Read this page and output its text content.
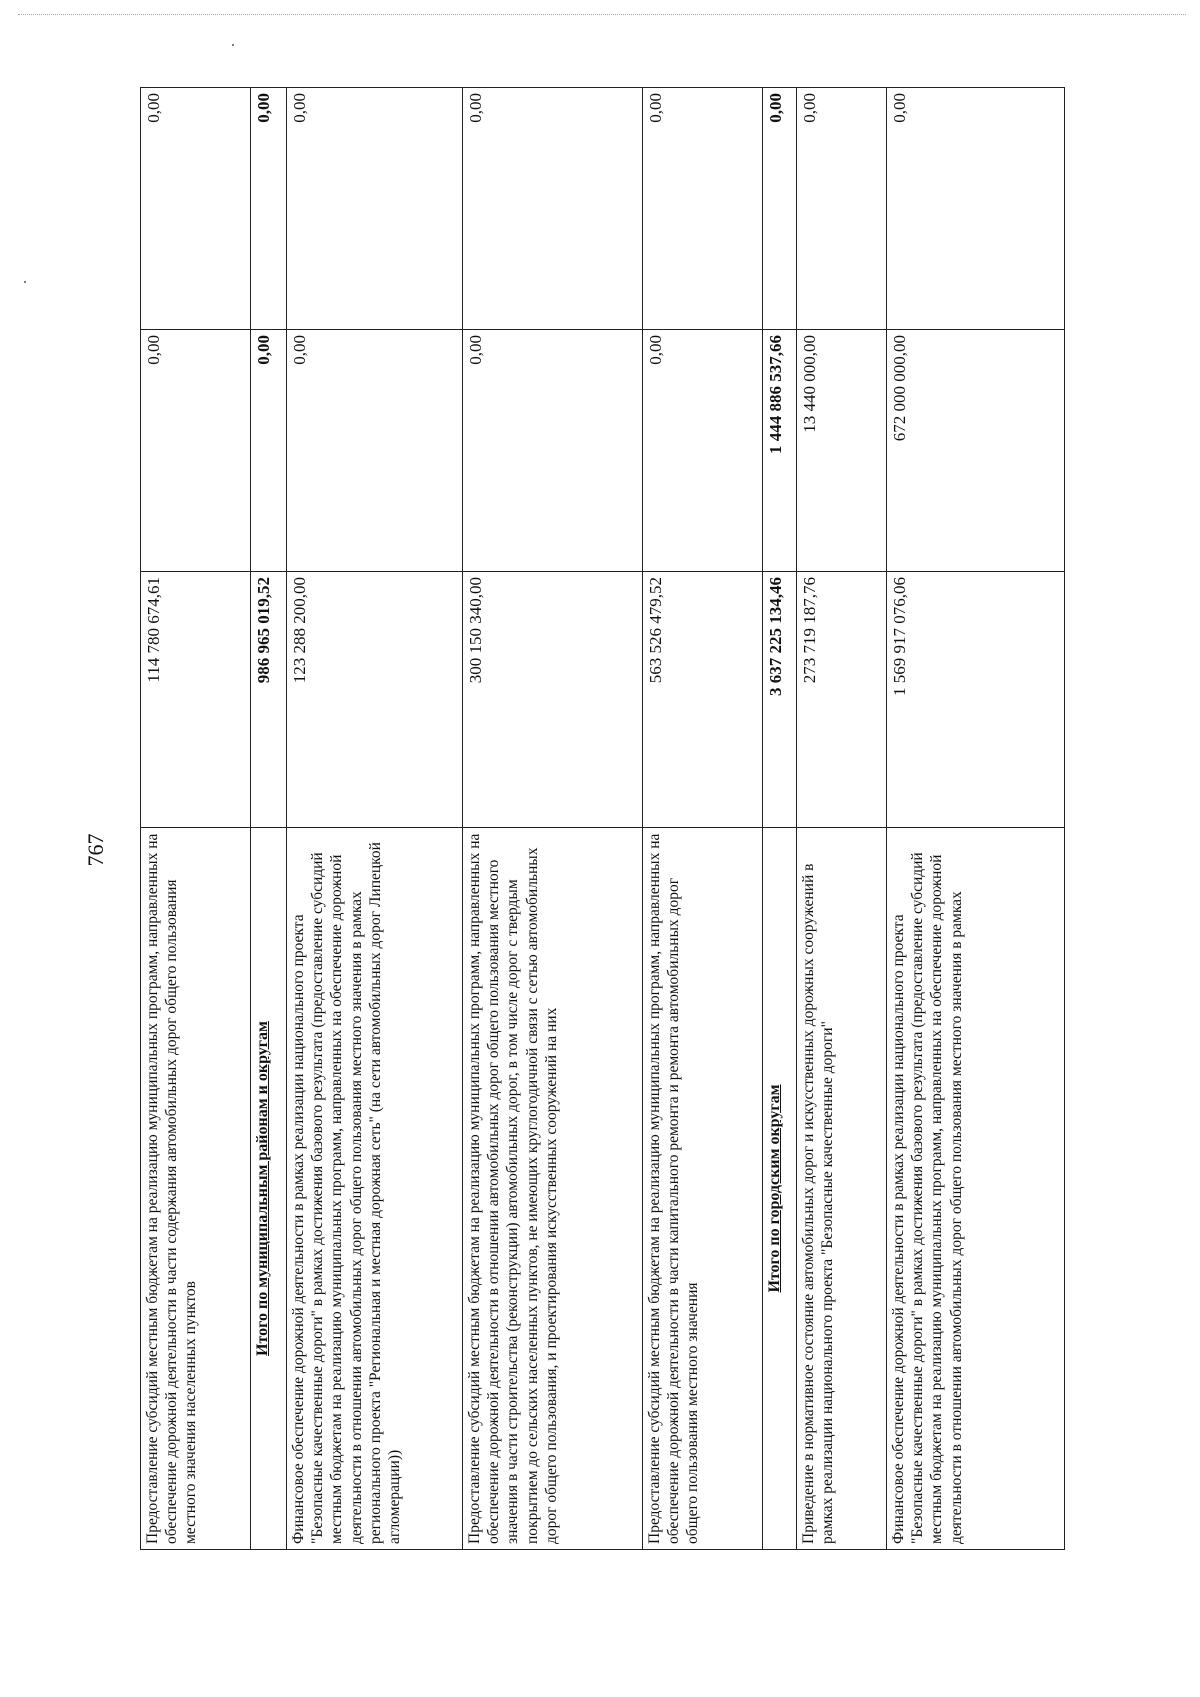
767 Предоставление субсидий местным бюджетам на реализацию муниципальных программ, направленных на обеспечение дорожной деятельности в части содержания автомобильных дорог общего пользования местного значения населенных пунктов	114 780 674,61	0,00	0,00
Итого по муниципальным районам и округам	986 965 019,52	0,00	0,00
Финансовое обеспечение дорожной деятельности в рамках реализации национального проекта "Безопасные качественные дороги" в рамках достижения базового результата (предоставление субсидий местным бюджетам на реализацию муниципальных программ, направленных на обеспечение дорожной деятельности в отношении автомобильных дорог общего пользования местного значения в рамках регионального проекта "Региональная и местная дорожная сеть" (на сети автомобильных дорог Липецкой агломерации))	123 288 200,00	0,00	0,00
Предоставление субсидий местным бюджетам на реализацию муниципальных программ, направленных на обеспечение дорожной деятельности в отношении автомобильных дорог общего пользования местного значения в части строительства (реконструкции) автомобильных дорог, в том числе дорог с твердым покрытием до сельских населенных пунктов, не имеющих круглогодичной связи с сетью автомобильных дорог общего пользования, и проектирования искусственных сооружений на них	300 150 340,00	0,00	0,00
Предоставление субсидий местным бюджетам на реализацию муниципальных программ, направленных на обеспечение дорожной деятельности в части капитального ремонта и ремонта автомобильных дорог общего пользования местного значения	563 526 479,52	0,00	0,00
Итого по городским округам	3 637 225 134,46	1 444 886 537,66	0,00
Приведение в нормативное состояние автомобильных дорог и искусственных дорожных сооружений в рамках реализации национального проекта "Безопасные качественные дороги"	273 719 187,76	13 440 000,00	0,00
Финансовое обеспечение дорожной деятельности в рамках реализации национального проекта "Безопасные качественные дороги" в рамках достижения базового результата (предоставление субсидий местным бюджетам на реализацию муниципальных программ, направленных на обеспечение дорожной деятельности в отношении автомобильных дорог общего пользования местного значения в рамках	1 569 917 076,06	672 000 000,00	0,00
